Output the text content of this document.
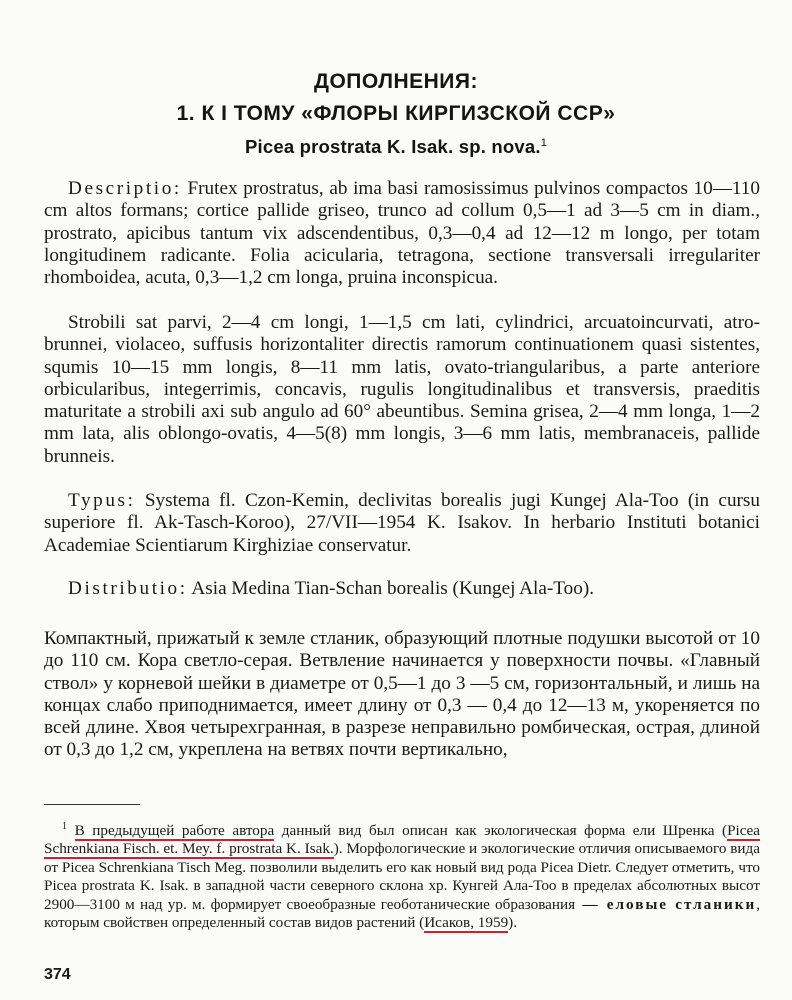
ДОПОЛНЕНИЯ:
1. К I ТОМУ «ФЛОРЫ КИРГИЗСКОЙ ССР»
Picea prostrata K. Isak. sp. nova.$^1$

Descriptio: Frutex prostratus, ab ima basi ramosissimus pulvinos compactos 10—110 cm altos formans; cortice pallide griseo, trunco ad collum 0,5—1 ad 3—5 cm in diam., prostrato, apicibus tantum vix adscendentibus, 0,3—0,4 ad 12—12 m longo, per totam longitudinem radicante. Folia acicularia, tetragona, sectione transversali irregulariter rhomboidea, acuta, 0,3—1,2 cm longa, pruina inconspicua.

Strobili sat parvi, 2—4 cm longi, 1—1,5 cm lati, cylindrici, arcuatoincurvati, atro-brunnei, violaceo, suffusis horizontaliter directis ramorum continuationem quasi sistentes, squmis 10—15 mm longis, 8—11 mm latis, ovato-triangularibus, a parte anteriore orbicularibus, integerrimis, concavis, rugulis longitudinalibus et transversis, praeditis maturitate a strobili axi sub angulo ad 60° abeuntibus. Semina grisea, 2—4 mm longa, 1—2 mm lata, alis oblongo-ovatis, 4—5(8) mm longis, 3—6 mm latis, membranaceis, pallide brunneis.

Typus: Systema fl. Czon-Kemin, declivitas borealis jugi Kungej Ala-Too (in cursu superiore fl. Ak-Tasch-Koroo), 27/VII—1954 K. Isakov. In herbario Instituti botanici Academiae Scientiarum Kirghiziae conservatur.

Distributio: Asia Medina Tian-Schan borealis (Kungej Ala-Too).

Компактный, прижатый к земле стланик, образующий плотные подушки высотой от 10 до 110 см. Кора светло-серая. Ветвление начинается у поверхности почвы. «Главный ствол» у корневой шейки в диаметре от 0,5—1 до 3 —5 см, горизонтальный, и лишь на концах слабо приподнимается, имеет длину от 0,3 — 0,4 до 12—13 м, укореняется по всей длине. Хвоя четырехгранная, в разрезе неправильно ромбическая, острая, длиной от 0,3 до 1,2 см, укреплена на ветвях почти вертикально,

$^1$ В предыдущей работе автора данный вид был описан как экологическая форма ели Шренка (Picea Schrenkiana Fisch. et. Mey. f. prostrata K. Isak.). Морфологические и экологические отличия описываемого вида от Picea Schrenkiana Tisch Meg. позволили выделить его как новый вид рода Picea Dietr. Следует отметить, что Picea prostrata K. Isak. в западной части северного склона хр. Кунгей Ала-Тоо в пределах абсолютных высот 2900—3100 м над ур. м. формирует своеобразные геоботанические образования — еловые стланики, которым свойствен определенный состав видов растений (Исаков, 1959).

374
